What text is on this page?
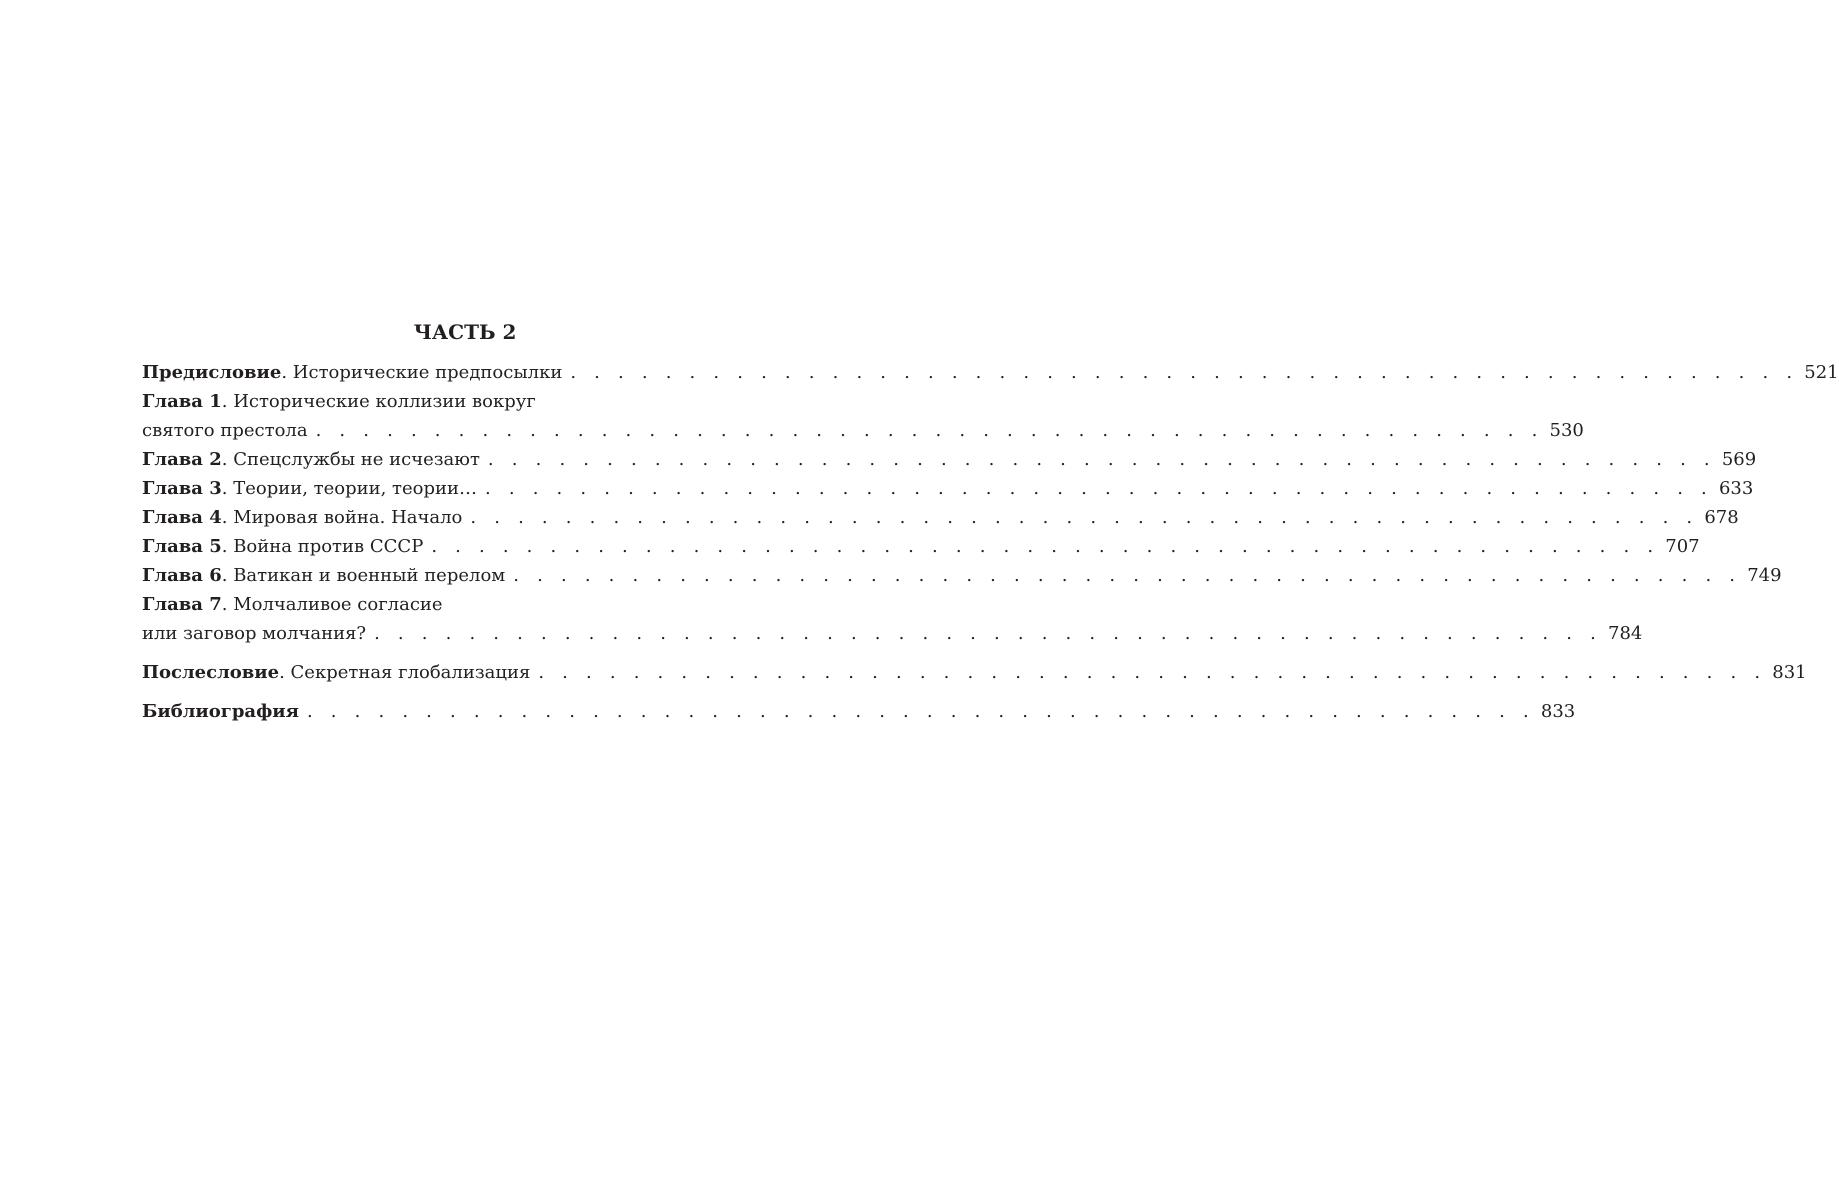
ЧАСТЬ 2
Предисловие. Исторические предпосылки . . . . . . . . . . . . . . . . . . . . . . . . . . . . . . . . . . . . . . . . . . . . . . . . . . . . 521
Глава 1. Исторические коллизии вокруг
святого престола . . . . . . . . . . . . . . . . . . . . . . . . . . . . . . . . . . . . . . . . . . . . . . . . . . . . 530
Глава 2. Спецслужбы не исчезают . . . . . . . . . . . . . . . . . . . . . . . . . . . . . . . . . . . . . . . . . . . . . . . . . . . . 569
Глава 3. Теории, теории, теории… . . . . . . . . . . . . . . . . . . . . . . . . . . . . . . . . . . . . . . . . . . . . . . . . . . . . 633
Глава 4. Мировая война. Начало . . . . . . . . . . . . . . . . . . . . . . . . . . . . . . . . . . . . . . . . . . . . . . . . . . . . 678
Глава 5. Война против СССР . . . . . . . . . . . . . . . . . . . . . . . . . . . . . . . . . . . . . . . . . . . . . . . . . . . . 707
Глава 6. Ватикан и военный перелом . . . . . . . . . . . . . . . . . . . . . . . . . . . . . . . . . . . . . . . . . . . . . . . . . . . . 749
Глава 7. Молчаливое согласие
или заговор молчания? . . . . . . . . . . . . . . . . . . . . . . . . . . . . . . . . . . . . . . . . . . . . . . . . . . . . 784
Послесловие. Секретная глобализация . . . . . . . . . . . . . . . . . . . . . . . . . . . . . . . . . . . . . . . . . . . . . . . . . . . . 831
Библиография . . . . . . . . . . . . . . . . . . . . . . . . . . . . . . . . . . . . . . . . . . . . . . . . . . . . 833
